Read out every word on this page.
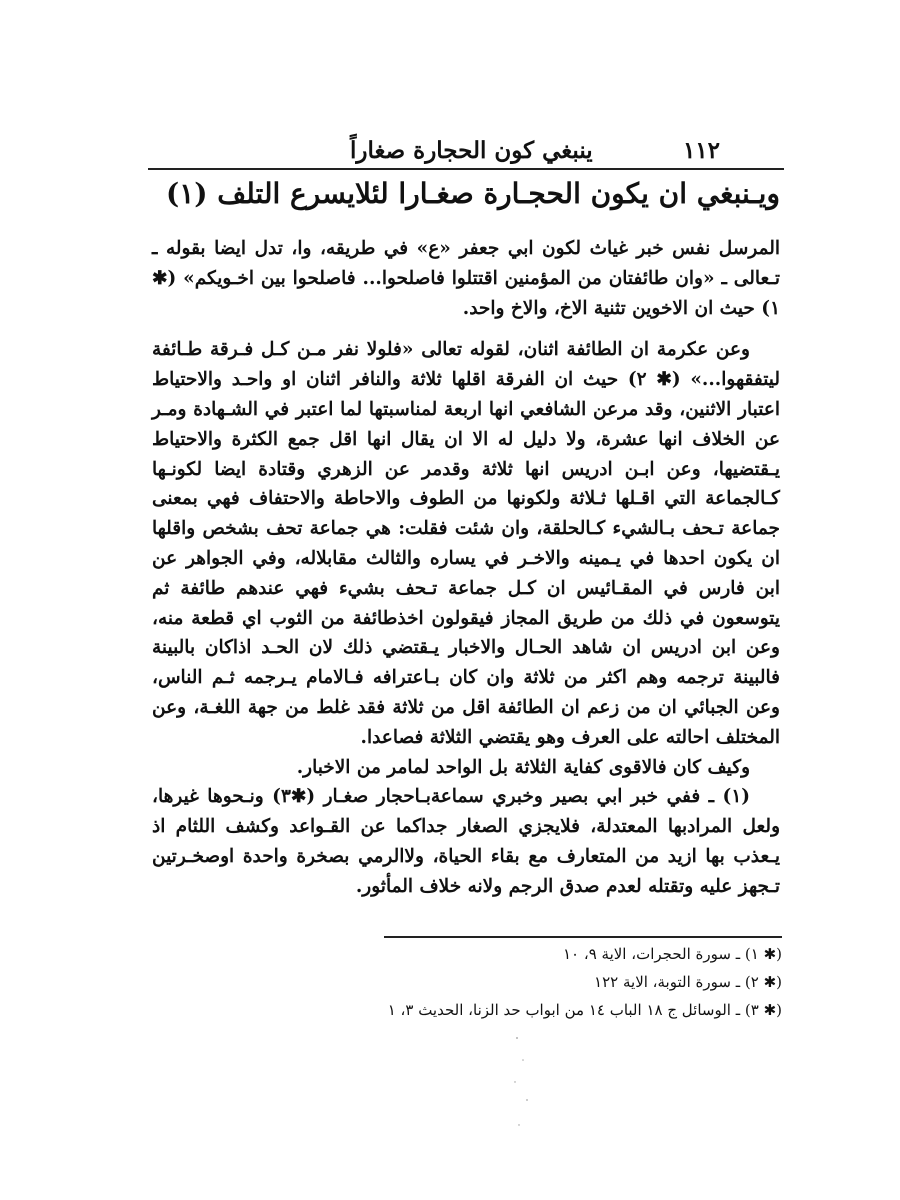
١١٢
ينبغي كون الحجارة صغاراً
ويـنبغي ان يكون الحجـارة صغـارا لئلايسرع التلف (١)

المرسل نفس خبر غياث لكون ابي جعفر «ع» في طريقه، وا، تدل ايضا بقوله ـ تـعالى ـ «وان طائفتان من المؤمنين اقتتلوا فاصلحوا... فاصلحوا بين اخـويكم» (✱ ١) حيث ان الاخوين تثنية الاخ، والاخ واحد.

وعن عكرمة ان الطائفة اثنان، لقوله تعالى «فلولا نفر مـن كـل فـرقة طـائفة ليتفقهوا...» (✱ ٢) حيث ان الفرقة اقلها ثلاثة والنافر اثنان او واحـد والاحتياط اعتبار الاثنين، وقد مرعن الشافعي انها اربعة لمناسبتها لما اعتبر في الشـهادة ومـر عن الخلاف انها عشرة، ولا دليل له الا ان يقال انها اقل جمع الكثرة والاحتياط يـقتضيها، وعن ابـن ادريس انها ثلاثة وقدمر عن الزهري وقتادة ايضا لكونـها كـالجماعة التي اقـلها ثـلاثة ولكونها من الطوف والاحاطة والاحتفاف فهي بمعنى جماعة تـحف بـالشيء كـالحلقة، وان شئت فقلت: هي جماعة تحف بشخص واقلها ان يكون احدها في يـمينه والاخـر في يساره والثالث مقابلاله، وفي الجواهر عن ابن فارس في المقـائيس ان كـل جماعة تـحف بشيء فهي عندهم طائفة ثم يتوسعون في ذلك من طريق المجاز فيقولون اخذطائفة من الثوب اي قطعة منه، وعن ابن ادريس ان شاهد الحـال والاخبار يـقتضي ذلك لان الحـد اذاكان بالبينة فالبينة ترجمه وهم اكثر من ثلاثة وان كان بـاعترافه فـالامام يـرجمه ثـم الناس، وعن الجبائي ان من زعم ان الطائفة اقل من ثلاثة فقد غلط من جهة اللغـة، وعن المختلف احالته على العرف وهو يقتضي الثلاثة فصاعدا.

وكيف كان فالاقوى كفاية الثلاثة بل الواحد لمامر من الاخبار.

(١) ـ ففي خبر ابي بصير وخبري سماعةبـاحجار صغـار (✱٣) ونـحوها غيرها، ولعل المرادبها المعتدلة، فلايجزي الصغار جداكما عن القـواعد وكشف اللثام اذ يـعذب بها ازيد من المتعارف مع بقاء الحياة، ولاالرمي بصخرة واحدة اوصخـرتين تـجهز عليه وتقتله لعدم صدق الرجم ولانه خلاف المأثور.

(✱ ١) ـ سورة الحجرات، الاية ٩، ١٠
(✱ ٢) ـ سورة التوبة، الاية ١٢٢
(✱ ٣) ـ الوسائل ج ١٨ الباب ١٤ من ابواب حد الزنا، الحديث ٣، ١
